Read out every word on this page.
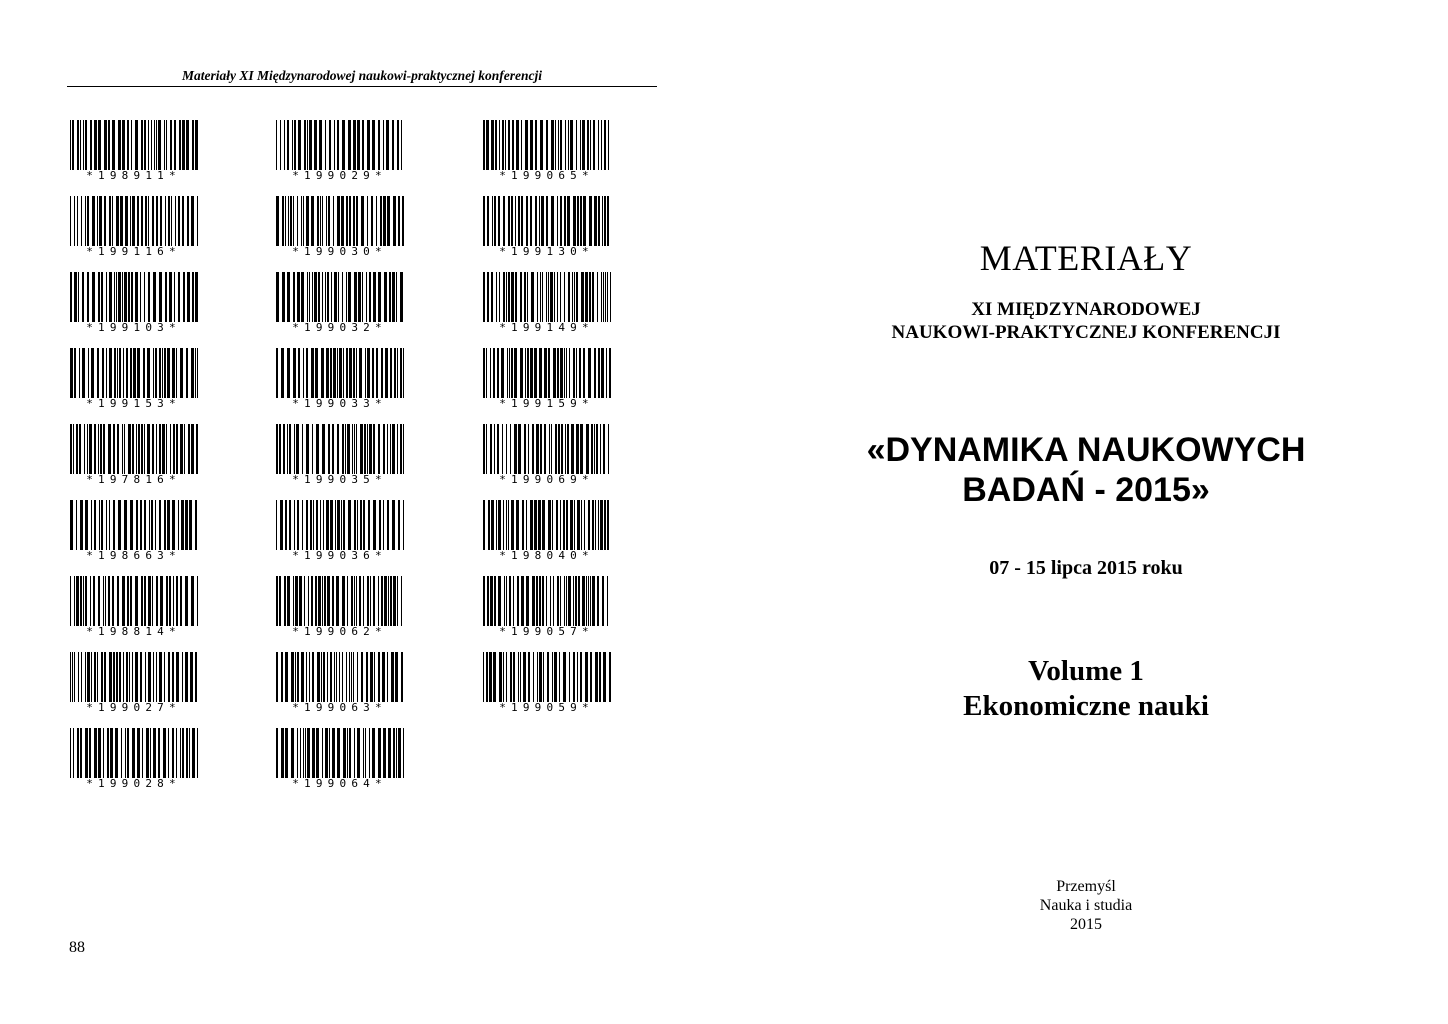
Materiały XI Międzynarodowej naukowi-praktycznej konferencji
*198911*	*199029*	*199065*
*199116*	*199030*	*199130*
*199103*	*199032*	*199149*
*199153*	*199033*	*199159*
*197816*	*199035*	*199069*
*198663*	*199036*	*198040*
*198814*	*199062*	*199057*
*199027*	*199063*	*199059*
*199028*	*199064*
88
MATERIAŁY
XI MIĘDZYNARODOWEJ
NAUKOWI-PRAKTYCZNEJ KONFERENCJI
«DYNAMIKA NAUKOWYCH
BADAŃ - 2015»
07 - 15 lipca 2015 roku
Volume 1
Ekonomiczne nauki
Przemyśl
Nauka i studia
2015
